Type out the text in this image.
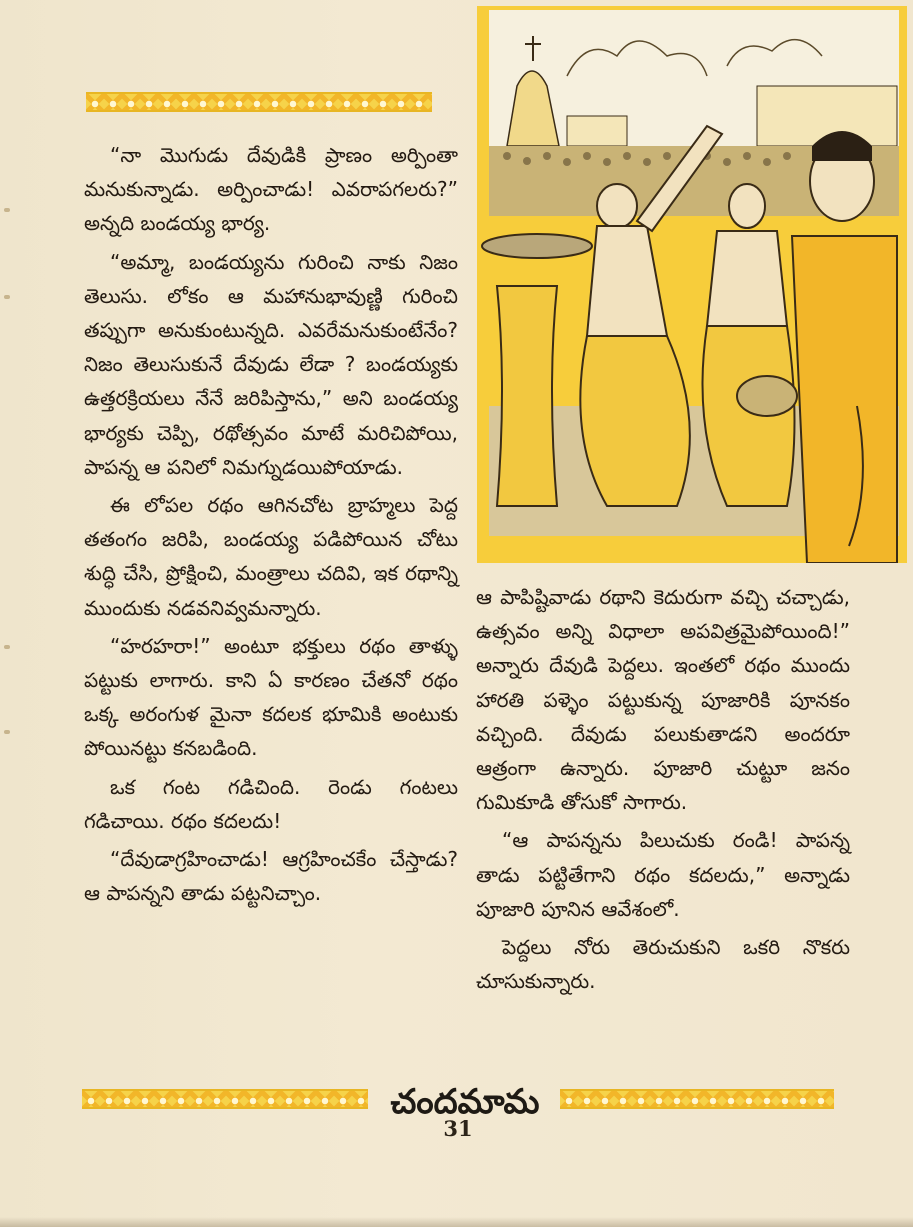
“నా మొగుడు దేవుడికి ప్రాణం అర్పింతా మనుకున్నాడు. అర్పించాడు! ఎవరాపగలరు?” అన్నది బండయ్య భార్య.

“అమ్మా, బండయ్యను గురించి నాకు నిజం తెలుసు. లోకం ఆ మహానుభావుణ్ణి గురించి తప్పుగా అనుకుంటున్నది. ఎవరేమనుకుంటేనేం? నిజం తెలుసుకునే దేవుడు లేడా ? బండయ్యకు ఉత్తరక్రియలు నేనే జరిపిస్తాను,” అని బండయ్య భార్యకు చెప్పి, రథోత్సవం మాటే మరిచిపోయి, పాపన్న ఆ పనిలో నిమగ్నుడయిపోయాడు.

ఈ లోపల రథం ఆగినచోట బ్రాహ్మలు పెద్ద తతంగం జరిపి, బండయ్య పడిపోయిన చోటు శుద్ధి చేసి, ప్రోక్షించి, మంత్రాలు చదివి, ఇక రథాన్ని ముందుకు నడవనివ్వమన్నారు.

“హరహరా!” అంటూ భక్తులు రథం తాళ్ళు పట్టుకు లాగారు. కాని ఏ కారణం చేతనో రథం ఒక్క అరంగుళ మైనా కదలక భూమికి అంటుకు పోయినట్టు కనబడింది.

ఒక గంట గడిచింది. రెండు గంటలు గడిచాయి. రథం కదలదు!

“దేవుడాగ్రహించాడు! ఆగ్రహించకేం చేస్తాడు? ఆ పాపన్నని తాడు పట్టనిచ్చాం.

ఆ పాపిష్టివాడు రథాని కెదురుగా వచ్చి చచ్చాడు, ఉత్సవం అన్ని విధాలా అపవిత్రమైపోయింది!” అన్నారు దేవుడి పెద్దలు. ఇంతలో రథం ముందు హారతి పళ్ళెం పట్టుకున్న పూజారికి పూనకం వచ్చింది. దేవుడు పలుకుతాడని అందరూ ఆత్రంగా ఉన్నారు. పూజారి చుట్టూ జనం గుమికూడి తోసుకో సాగారు.

“ఆ పాపన్నను పిలుచుకు రండి! పాపన్న తాడు పట్టితేగాని రథం కదలదు,” అన్నాడు పూజారి పూనిన ఆవేశంలో.

పెద్దలు నోరు తెరుచుకుని ఒకరి నొకరు చూసుకున్నారు.

చందమామ
31
